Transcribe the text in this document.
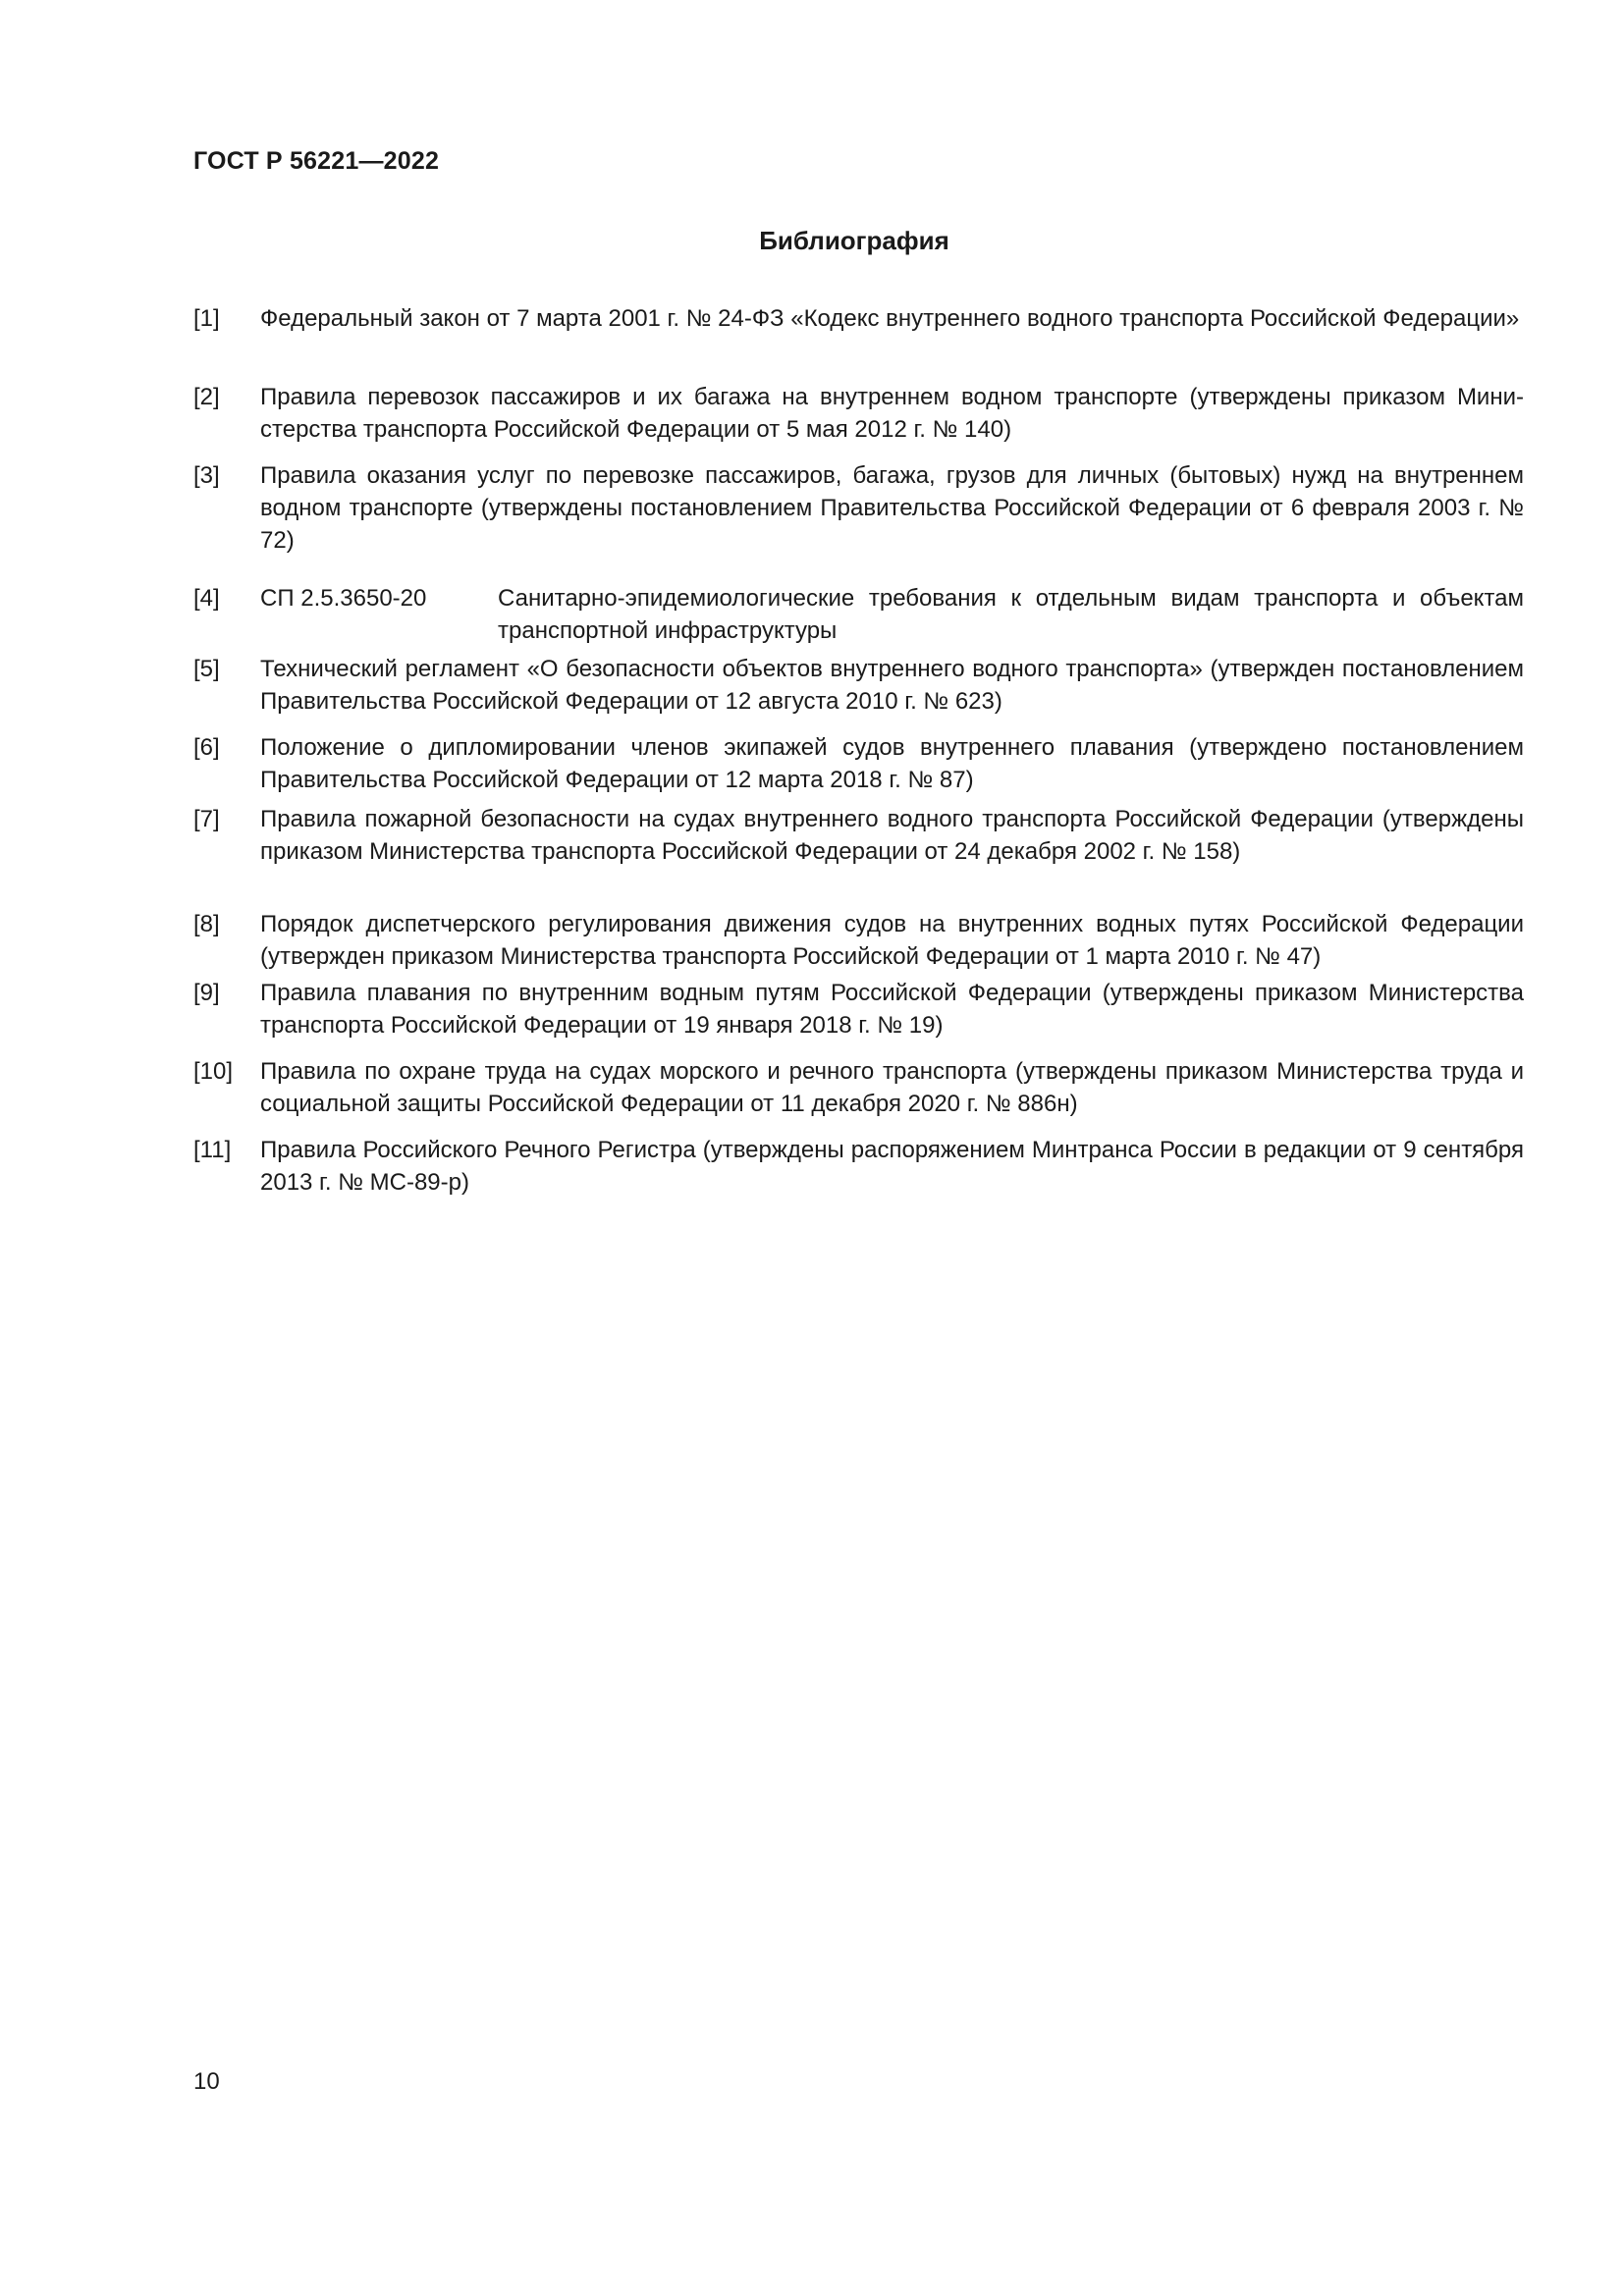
ГОСТ Р 56221—2022
Библиография
[1] Федеральный закон от 7 марта 2001 г. № 24-ФЗ «Кодекс внутреннего водного транспорта Российской Федерации»
[2] Правила перевозок пассажиров и их багажа на внутреннем водном транспорте (утверждены приказом Министерства транспорта Российской Федерации от 5 мая 2012 г. № 140)
[3] Правила оказания услуг по перевозке пассажиров, багажа, грузов для личных (бытовых) нужд на внутреннем водном транспорте (утверждены постановлением Правительства Российской Федерации от 6 февраля 2003 г. № 72)
[4] СП 2.5.3650-20	Санитарно-эпидемиологические требования к отдельным видам транспорта и объектам транспортной инфраструктуры
[5] Технический регламент «О безопасности объектов внутреннего водного транспорта» (утвержден постановлением Правительства Российской Федерации от 12 августа 2010 г. № 623)
[6] Положение о дипломировании членов экипажей судов внутреннего плавания (утверждено постановлением Правительства Российской Федерации от 12 марта 2018 г. № 87)
[7] Правила пожарной безопасности на судах внутреннего водного транспорта Российской Федерации (утверждены приказом Министерства транспорта Российской Федерации от 24 декабря 2002 г. № 158)
[8] Порядок диспетчерского регулирования движения судов на внутренних водных путях Российской Федерации (утвержден приказом Министерства транспорта Российской Федерации от 1 марта 2010 г. № 47)
[9] Правила плавания по внутренним водным путям Российской Федерации (утверждены приказом Министерства транспорта Российской Федерации от 19 января 2018 г. № 19)
[10] Правила по охране труда на судах морского и речного транспорта (утверждены приказом Министерства труда и социальной защиты Российской Федерации от 11 декабря 2020 г. № 886н)
[11] Правила Российского Речного Регистра (утверждены распоряжением Минтранса России в редакции от 9 сентября 2013 г. № МС-89-р)
10
